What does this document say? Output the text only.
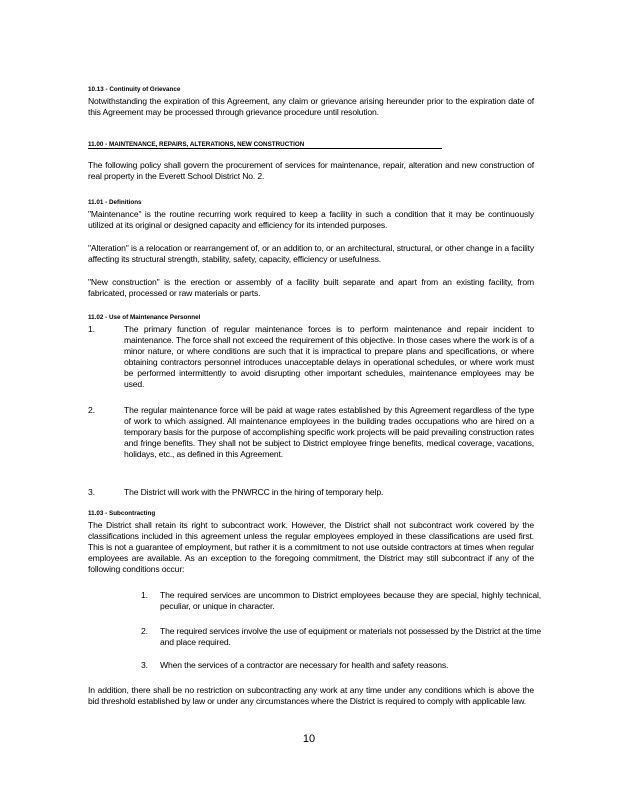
10.13 - Continuity of Grievance
Notwithstanding the expiration of this Agreement, any claim or grievance arising hereunder prior to the expiration date of this Agreement may be processed through grievance procedure until resolution.
11.00 - MAINTENANCE, REPAIRS, ALTERATIONS, NEW CONSTRUCTION
The following policy shall govern the procurement of services for maintenance, repair, alteration and new construction of real property in the Everett School District No. 2.
11.01 - Definitions
"Maintenance" is the routine recurring work required to keep a facility in such a condition that it may be continuously utilized at its original or designed capacity and efficiency for its intended purposes.
"Alteration" is a relocation or rearrangement of, or an addition to, or an architectural, structural, or other change in a facility affecting its structural strength, stability, safety, capacity, efficiency or usefulness.
"New construction" is the erection or assembly of a facility built separate and apart from an existing facility, from fabricated, processed or raw materials or parts.
11.02 - Use of Maintenance Personnel
1.	The primary function of regular maintenance forces is to perform maintenance and repair incident to maintenance. The force shall not exceed the requirement of this objective. In those cases where the work is of a minor nature, or where conditions are such that it is impractical to prepare plans and specifications, or where obtaining contractors personnel introduces unacceptable delays in operational schedules, or where work must be performed intermittently to avoid disrupting other important schedules, maintenance employees may be used.
2.	The regular maintenance force will be paid at wage rates established by this Agreement regardless of the type of work to which assigned. All maintenance employees in the building trades occupations who are hired on a temporary basis for the purpose of accomplishing specific work projects will be paid prevailing construction rates and fringe benefits. They shall not be subject to District employee fringe benefits, medical coverage, vacations, holidays, etc., as defined in this Agreement.
3.	The District will work with the PNWRCC in the hiring of temporary help.
11.03 - Subcontracting
The District shall retain its right to subcontract work. However, the District shall not subcontract work covered by the classifications included in this agreement unless the regular employees employed in these classifications are used first. This is not a guarantee of employment, but rather it is a commitment to not use outside contractors at times when regular employees are available. As an exception to the foregoing commitment, the District may still subcontract if any of the following conditions occur:
1. The required services are uncommon to District employees because they are special, highly technical, peculiar, or unique in character.
2. The required services involve the use of equipment or materials not possessed by the District at the time and place required.
3. When the services of a contractor are necessary for health and safety reasons.
In addition, there shall be no restriction on subcontracting any work at any time under any conditions which is above the bid threshold established by law or under any circumstances where the District is required to comply with applicable law.
10
